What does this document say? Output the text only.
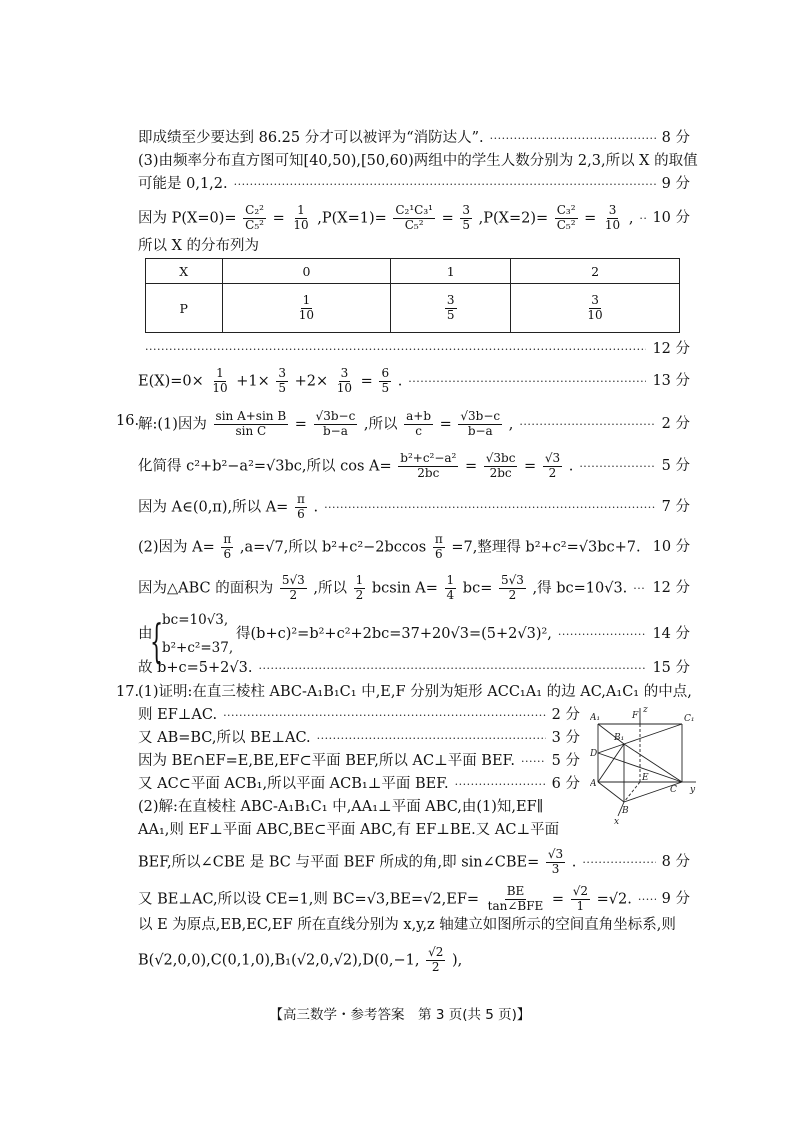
即成绩至少要达到 86.25 分才可以被评为“消防达人”. ·····	8 分
(3)由频率分布直方图可知[40,50),[50,60)两组中的学生人数分别为 2,3,所以 X 的取值
可能是 0,1,2. ·····	9 分
因为 $P(X=0)= \frac{\text{C₂²}}{\text{C₅²}} = \frac{1}{10} ,P(X=1)= \frac{\text{C₂¹C₃¹}}{\text{C₅²}} = \frac{3}{5} ,P(X=2)= \frac{\text{C₃²}}{\text{C₅²}} = \frac{3}{10}$ , ····· 10 分
所以 X 的分布列为
X	0	1	2
P	$\frac{1}{10}$	$\frac{3}{5}$	$\frac{3}{10}$
·····
12 分
$E(X)=0\times \frac{1}{10} +1\times \frac{3}{5} +2\times \frac{3}{10} = \frac{6}{5}$ . ·····	13 分
16.
解:(1)因为 $\frac{\text{sin A+sin B}}{\text{sin C}} = \frac{√3b-c}{b-a}$ ,所以 $\frac{a+b}{c} = \frac{√3b-c}{b-a}$ , ·····	2 分
化简得 c²+b²−a²=√3bc,所以 $\cos A= \frac{\text{b²+c²−a²}}{2bc} = \frac{√3bc}{2bc} = \frac{√3}{2}$ . ·····	5 分
因为 A∈(0,π),所以 $A= \frac{\pi}{6}$ . ·····	7 分
(2)因为 $A= \frac{\pi}{6} ,a=√7$,所以 $b^2+c^2-2bccos \frac{\pi}{6} =7$,整理得 b²+c²=√3bc+7. 10 分
因为△ABC 的面积为 $\frac{5√3}{2}$ ,所以 $\frac{1}{2}$ bcsin $A= \frac{1}{4} bc= \frac{5√3}{2}$ ,得 bc=10√3. ····· 12 分
{
bc=10√3,
b²+c²=37,
由	得(b+c)²=b²+c²+2bc=37+20√3=(5+2√3)², ·····	14 分
故 b+c=5+2√3. ·····	15 分
17.
(1)证明:在直三棱柱 ABC-A₁B₁C₁ 中,E,F 分别为矩形 ACC₁A₁ 的边 AC,A₁C₁ 的中点,
则 EF⊥AC. ·····	2 分
又 AB=BC,所以 BE⊥AC. ·····	3 分
因为 BE∩EF=E,BE,EF⊂平面 BEF,所以 AC⊥平面 BEF. ·····	5 分
又 AC⊂平面 ACB₁,所以平面 ACB₁⊥平面 BEF. ·····	6 分
(2)解:在直棱柱 ABC-A₁B₁C₁ 中,AA₁⊥平面 ABC,由(1)知,EF∥
AA₁,则 EF⊥平面 ABC,BE⊂平面 ABC,有 EF⊥BE.又 AC⊥平面
A₁	F
z
C₁
B₁
D
E
A
C y
B
x
BEF,所以∠CBE 是 BC 与平面 BEF 所成的角,即 sin∠CBE= $\frac{√3}{3}$ . ·····	8 分
又 BE⊥AC,所以设 CE=1,则 $BC=√3,BE=√2,EF= \frac{BE}{\text{tan∠BFE}} = \frac{√2}{1} =√2$. ····· 9 分
以 E 为原点,EB,EC,EF 所在直线分别为 x,y,z 轴建立如图所示的空间直角坐标系,则
B(√2,0,0),C(0,1,0),B₁(√2,0,√2),D(0,−1, $\frac{√2}{2}$ ),
【高三数学・参考答案　第 3 页(共 5 页)】
